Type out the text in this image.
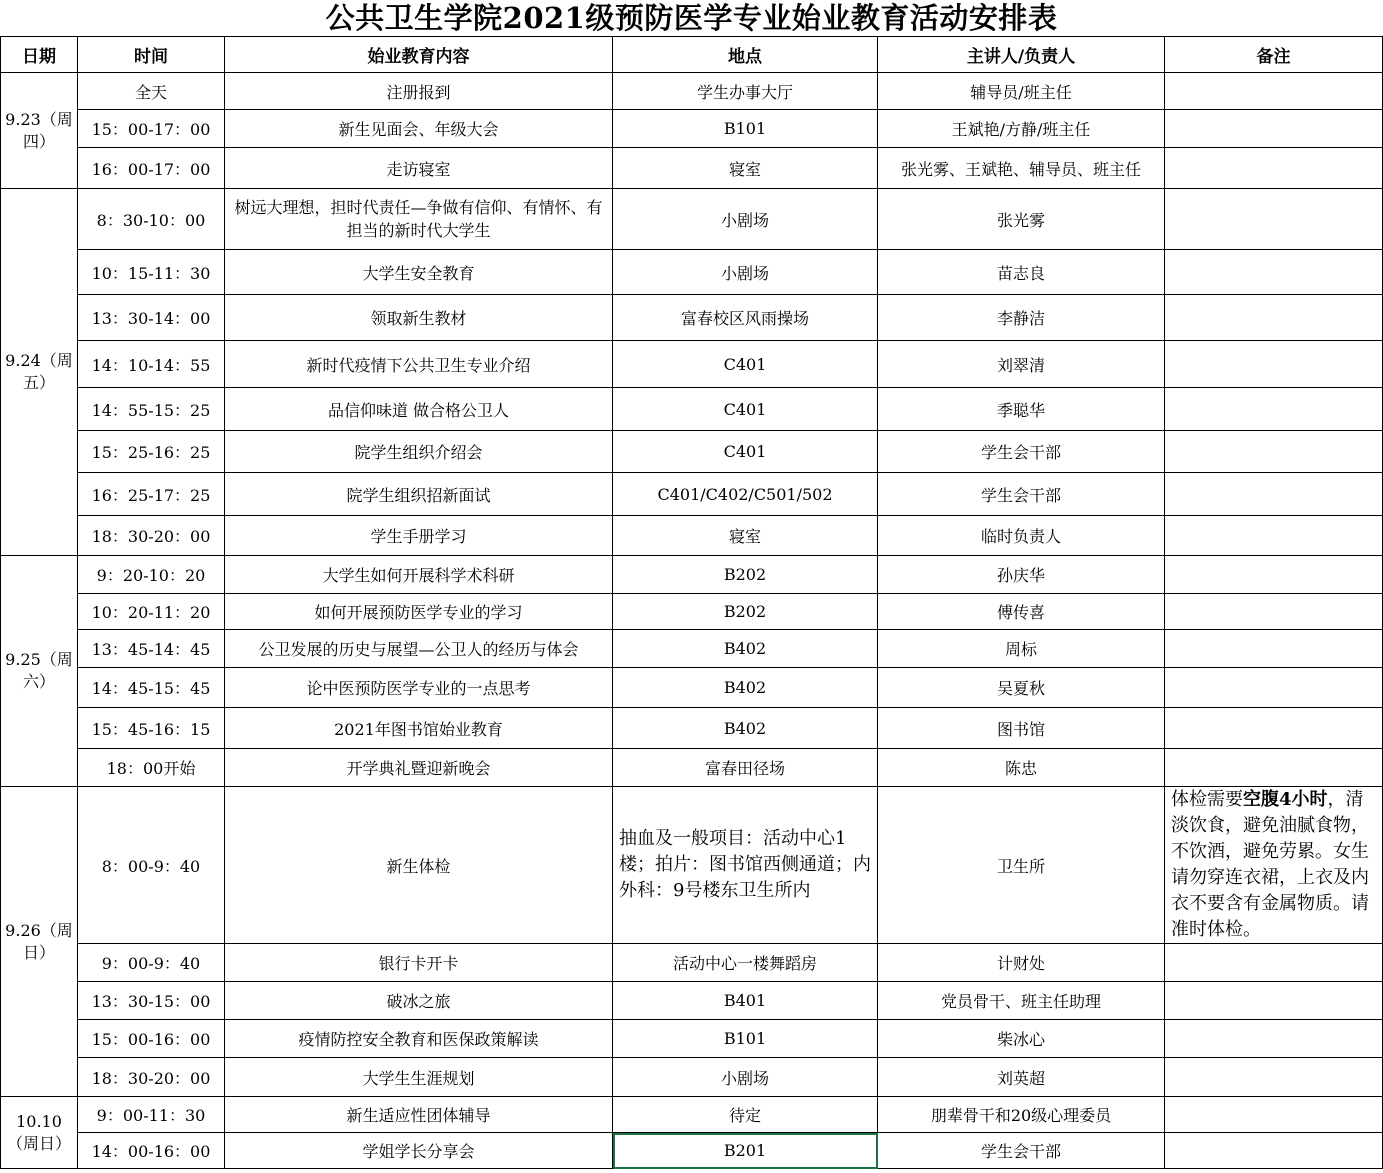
公共卫生学院2021级预防医学专业始业教育活动安排表
日期	时间	始业教育内容	地点	主讲人/负责人	备注
9.23（周四）	全天	注册报到	学生办事大厅	辅导员/班主任	
	15：00-17：00	新生见面会、年级大会	B101	王斌艳/方静/班主任	
	16：00-17：00	走访寝室	寝室	张光雾、王斌艳、辅导员、班主任	
9.24（周五）	8：30-10：00	树远大理想，担时代责任—争做有信仰、有情怀、有担当的新时代大学生	小剧场	张光雾	
	10：15-11：30	大学生安全教育	小剧场	苗志良	
	13：30-14：00	领取新生教材	富春校区风雨操场	李静洁	
	14：10-14：55	新时代疫情下公共卫生专业介绍	C401	刘翠清	
	14：55-15：25	品信仰味道 做合格公卫人	C401	季聪华	
	15：25-16：25	院学生组织介绍会	C401	学生会干部	
	16：25-17：25	院学生组织招新面试	C401/C402/C501/502	学生会干部	
	18：30-20：00	学生手册学习	寝室	临时负责人	
9.25（周六）	9：20-10：20	大学生如何开展科学术科研	B202	孙庆华	
	10：20-11：20	如何开展预防医学专业的学习	B202	傅传喜	
	13：45-14：45	公卫发展的历史与展望—公卫人的经历与体会	B402	周标	
	14：45-15：45	论中医预防医学专业的一点思考	B402	吴夏秋	
	15：45-16：15	2021年图书馆始业教育	B402	图书馆	
	18：00开始	开学典礼暨迎新晚会	富春田径场	陈忠	
9.26（周日）	8：00-9：40	新生体检	抽血及一般项目：活动中心1楼；拍片：图书馆西侧通道；内外科：9号楼东卫生所内	卫生所	体检需要空腹4小时，清淡饮食，避免油腻食物，不饮酒，避免劳累。女生请勿穿连衣裙，上衣及内衣不要含有金属物质。请准时体检。
	9：00-9：40	银行卡开卡	活动中心一楼舞蹈房	计财处	
	13：30-15：00	破冰之旅	B401	党员骨干、班主任助理	
	15：00-16：00	疫情防控安全教育和医保政策解读	B101	柴冰心	
	18：30-20：00	大学生生涯规划	小剧场	刘英超	
10.10（周日）	9：00-11：30	新生适应性团体辅导	待定	朋辈骨干和20级心理委员	
	14：00-16：00	学姐学长分享会	B201	学生会干部	
